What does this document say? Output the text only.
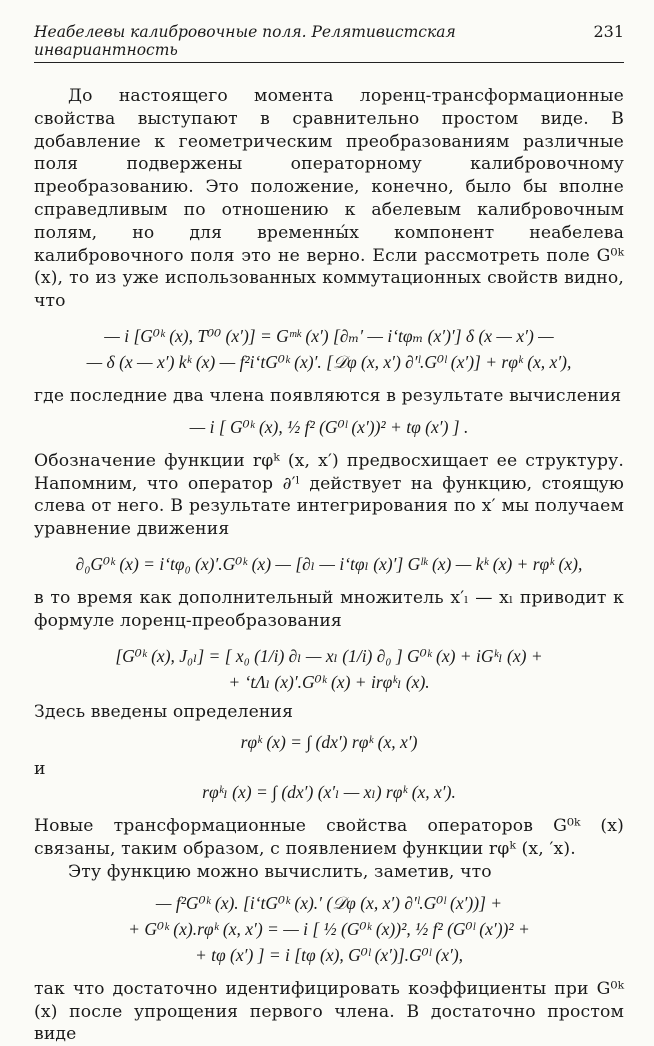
Неабелевы калибровочные поля. Релятивистская инвариантность
231

До настоящего момента лоренц-трансформационные свойства выступают в сравнительно простом виде. В добавление к геометрическим преобразованиям различные поля подвержены операторному калибровочному преобразованию. Это положение, конечно, было бы вполне справедливым по отношению к абелевым калибровочным полям, но для временны́х компонент неабелева калибровочного поля это не верно. Если рассмотреть поле G⁰ᵏ (x), то из уже использованных коммутационных свойств видно, что

— i [G⁰ᵏ (x), T⁰⁰ (x′)] = Gᵐᵏ (x′) [∂ₘ′ — i‘tφₘ (x′)′] δ (x — x′) —
— δ (x — x′) kᵏ (x) — f²i‘tG⁰ᵏ (x)′. [𝒟φ (x, x′) ∂′ˡ.G⁰ˡ (x′)] + rφᵏ (x, x′),

где последние два члена появляются в результате вычисления

— i [ G⁰ᵏ (x), ½ f² (G⁰ˡ (x′))² + tφ (x′) ] .

Обозначение функции rφᵏ (x, x′) предвосхищает ее структуру. Напомним, что оператор ∂′ˡ действует на функцию, стоящую слева от него. В результате интегрирования по x′ мы получаем уравнение движения

∂₀G⁰ᵏ (x) = i‘tφ₀ (x)′.G⁰ᵏ (x) — [∂ₗ — i‘tφₗ (x)′] Gˡᵏ (x) — kᵏ (x) + rφᵏ (x),

в то время как дополнительный множитель x′ₗ — xₗ приводит к формуле лоренц-преобразования

[G⁰ᵏ (x), J₀ₗ] = [ x₀ (1/i) ∂ₗ — xₗ (1/i) ∂₀ ] G⁰ᵏ (x) + iGᵏₗ (x) +
+ ‘tΛₗ (x)′.G⁰ᵏ (x) + irφᵏₗ (x).

Здесь введены определения

rφᵏ (x) = ∫ (dx′) rφᵏ (x, x′)

и

rφᵏₗ (x) = ∫ (dx′) (x′ₗ — xₗ) rφᵏ (x, x′).

Новые трансформационные свойства операторов G⁰ᵏ (x) связаны, таким образом, с появлением функции rφᵏ (x, ′x).

Эту функцию можно вычислить, заметив, что

— f²G⁰ᵏ (x). [i‘tG⁰ᵏ (x).′ (𝒟φ (x, x′) ∂′ˡ.G⁰ˡ (x′))] +
+ G⁰ᵏ (x).rφᵏ (x, x′) = — i [ ½ (G⁰ᵏ (x))², ½ f² (G⁰ˡ (x′))² +
+ tφ (x′) ] = i [tφ (x), G⁰ˡ (x′)].G⁰ˡ (x′),

так что достаточно идентифицировать коэффициенты при G⁰ᵏ (x) после упрощения первого члена. В достаточно простом виде
